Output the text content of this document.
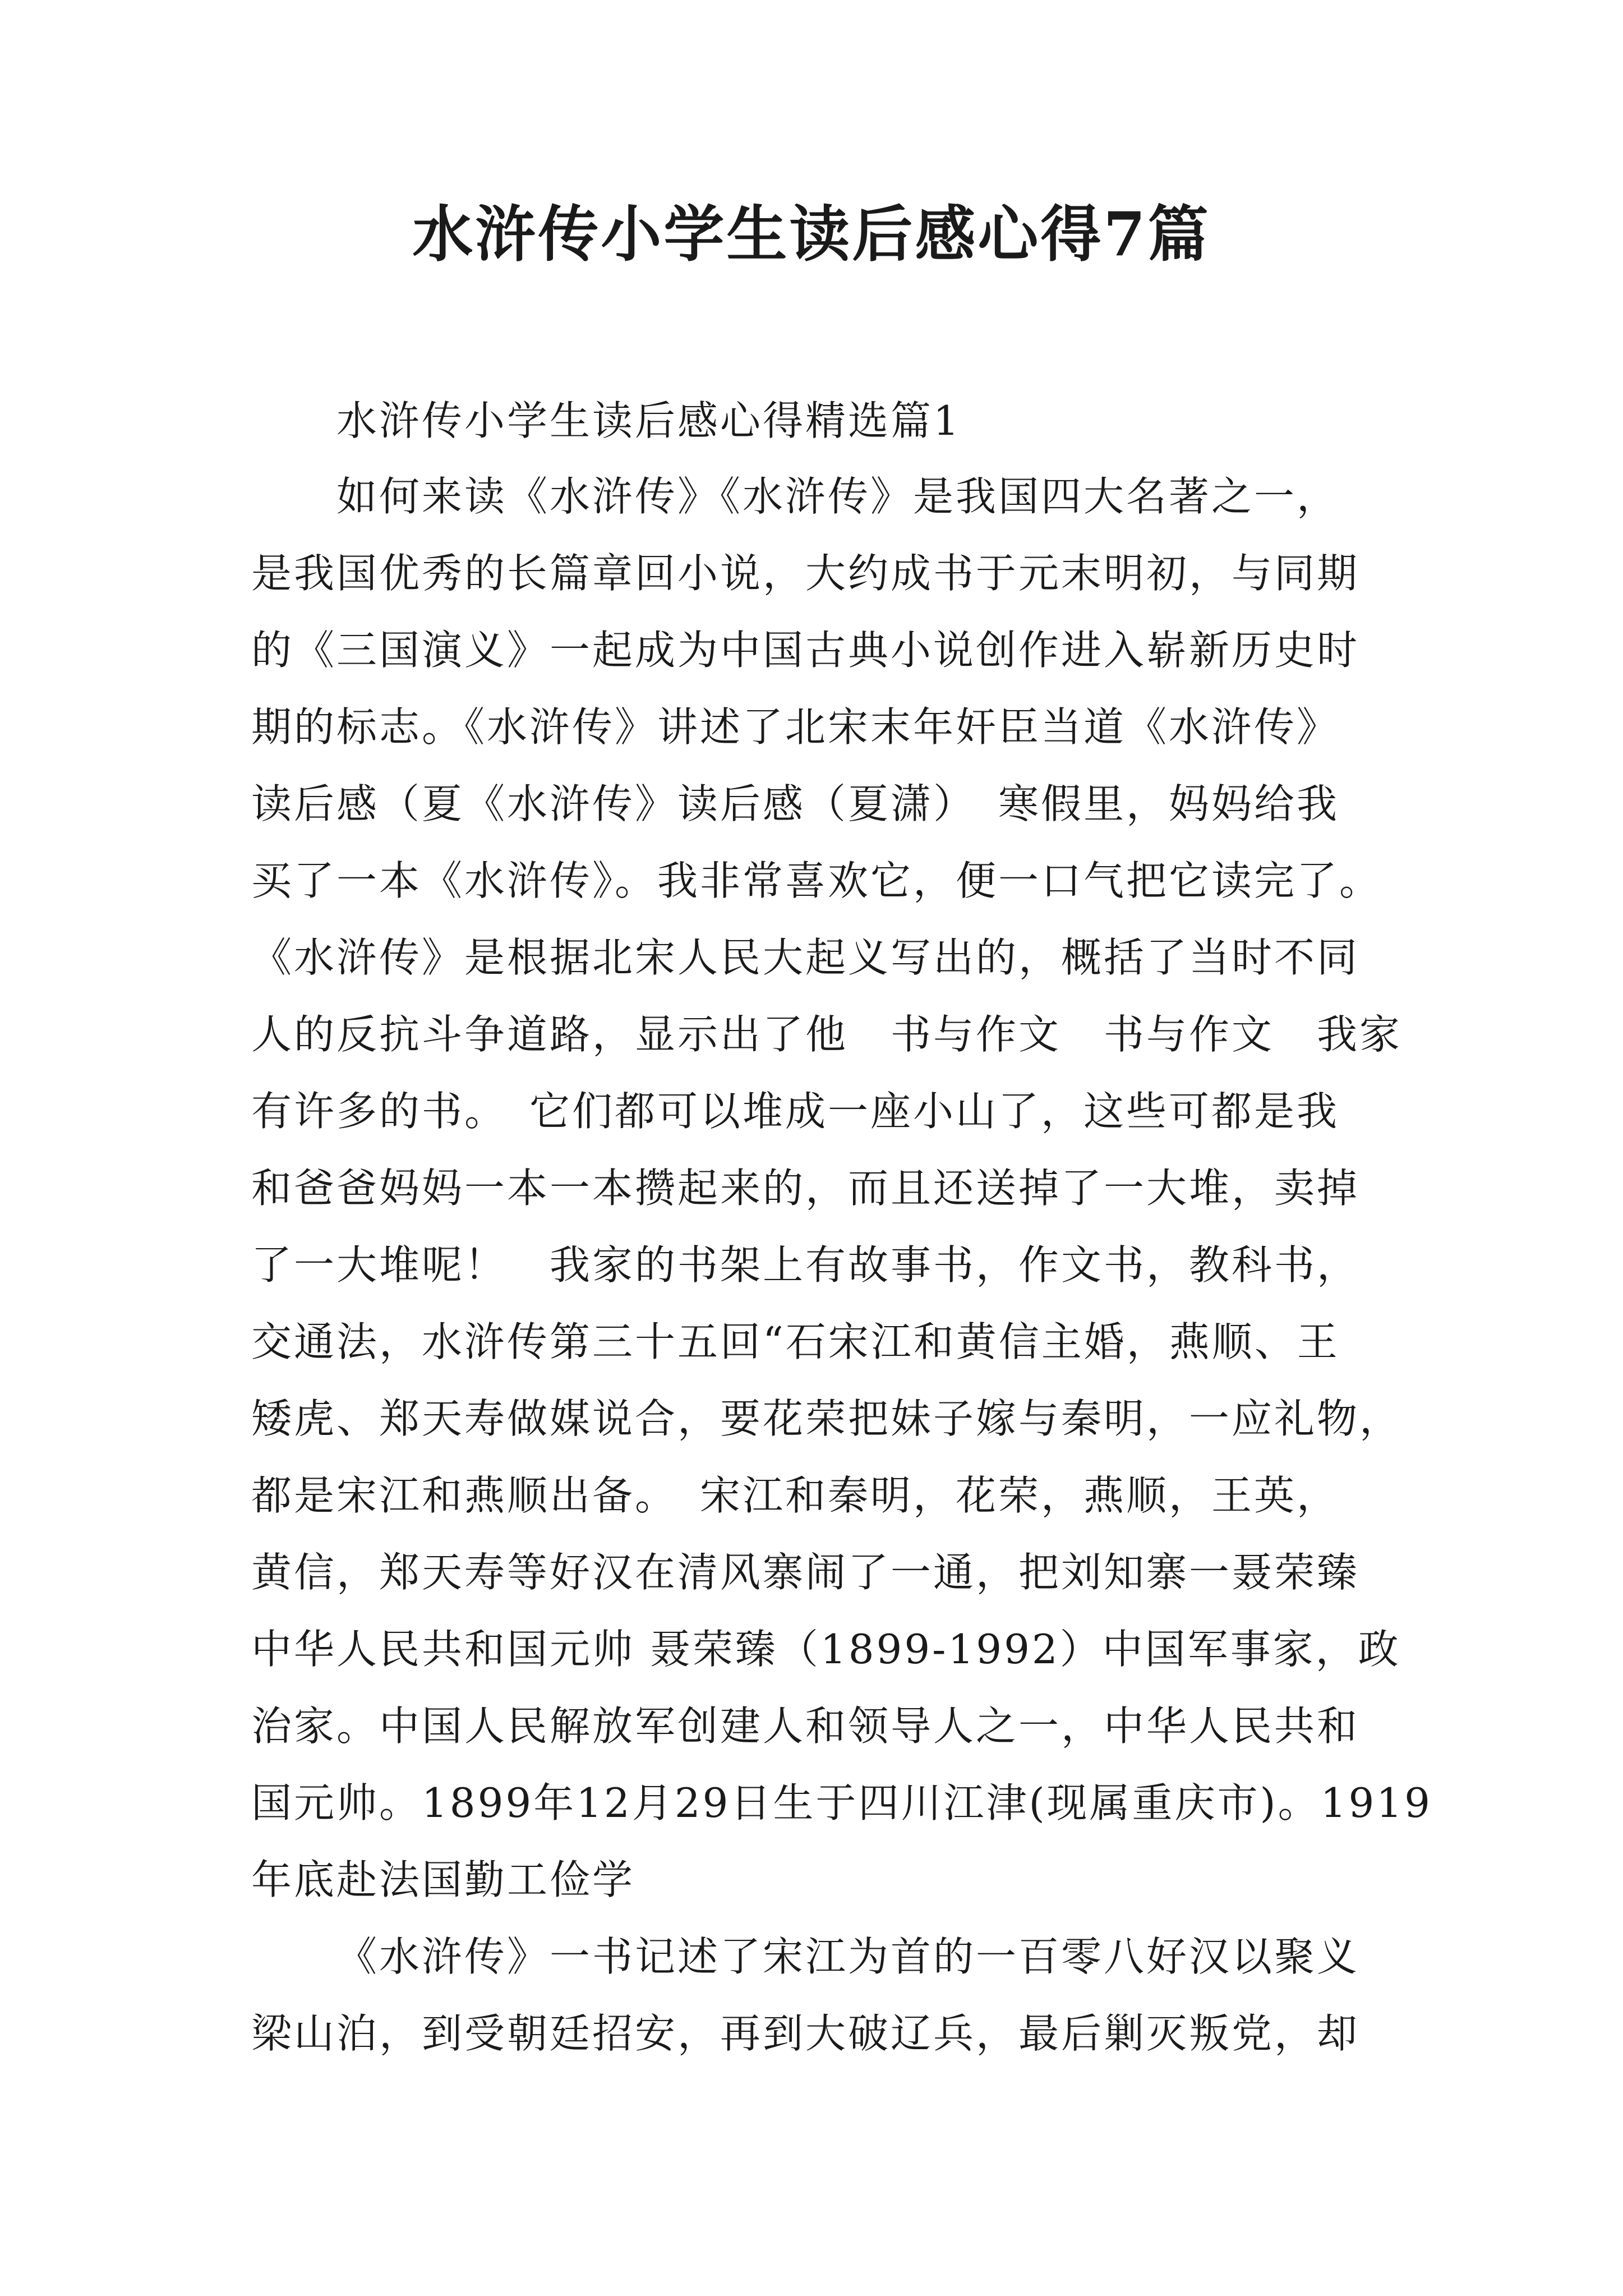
水浒传小学生读后感心得7篇
水浒传小学生读后感心得精选篇1
如何来读《水浒传》《水浒传》是我国四大名著之一，
是我国优秀的长篇章回小说，大约成书于元末明初，与同期
的《三国演义》一起成为中国古典小说创作进入崭新历史时
期的标志。《水浒传》讲述了北宋末年奸臣当道《水浒传》
读后感（夏《水浒传》读后感（夏潇）　寒假里，妈妈给我
买了一本《水浒传》。我非常喜欢它，便一口气把它读完了。
《水浒传》是根据北宋人民大起义写出的，概括了当时不同
人的反抗斗争道路，显示出了他　书与作文　书与作文　我家
有许多的书。　它们都可以堆成一座小山了，这些可都是我
和爸爸妈妈一本一本攒起来的，而且还送掉了一大堆，卖掉
了一大堆呢！　我家的书架上有故事书，作文书，教科书，
交通法，水浒传第三十五回“石宋江和黄信主婚，燕顺、王
矮虎、郑天寿做媒说合，要花荣把妹子嫁与秦明，一应礼物，
都是宋江和燕顺出备。　宋江和秦明，花荣，燕顺，王英，
黄信，郑天寿等好汉在清风寨闹了一通，把刘知寨一聂荣臻
中华人民共和国元帅 聂荣臻（1899-1992）中国军事家，政
治家。中国人民解放军创建人和领导人之一，中华人民共和
国元帅。1899年12月29日生于四川江津(现属重庆市)。1919
年底赴法国勤工俭学
《水浒传》一书记述了宋江为首的一百零八好汉以聚义
梁山泊，到受朝廷招安，再到大破辽兵，最后剿灭叛党，却
